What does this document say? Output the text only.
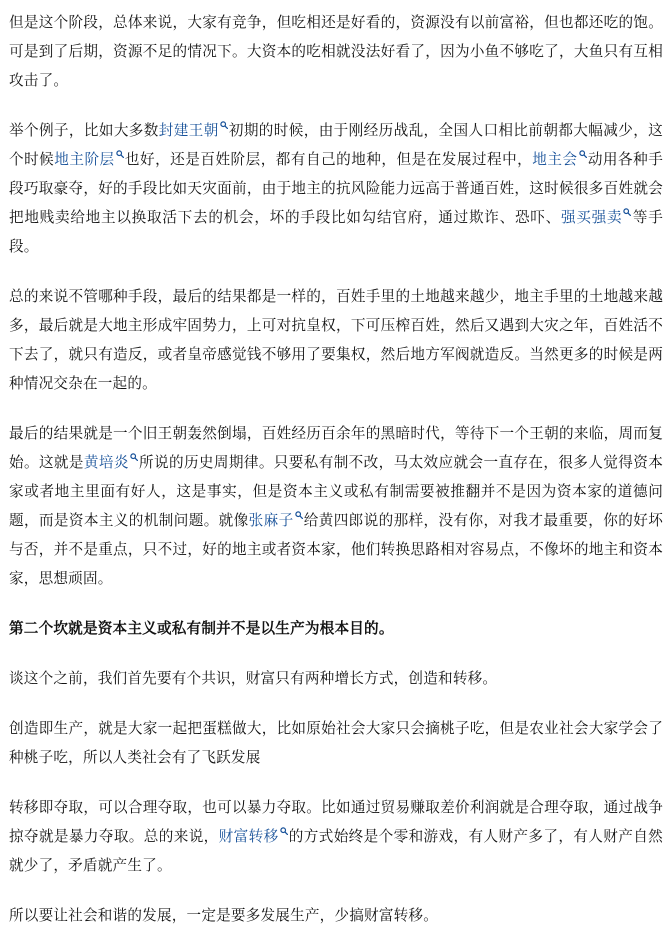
但是这个阶段，总体来说，大家有竞争，但吃相还是好看的，资源没有以前富裕，但也都还吃的饱。可是到了后期，资源不足的情况下。大资本的吃相就没法好看了，因为小鱼不够吃了，大鱼只有互相攻击了。

举个例子，比如大多数封建王朝 初期的时候，由于刚经历战乱，全国人口相比前朝都大幅减少，这个时候地主阶层 也好，还是百姓阶层，都有自己的地种，但是在发展过程中，地主会 动用各种手段巧取豪夺，好的手段比如天灾面前，由于地主的抗风险能力远高于普通百姓，这时候很多百姓就会把地贱卖给地主以换取活下去的机会，坏的手段比如勾结官府，通过欺诈、恐吓、强买强卖 等手段。

总的来说不管哪种手段，最后的结果都是一样的，百姓手里的土地越来越少，地主手里的土地越来越多，最后就是大地主形成牢固势力，上可对抗皇权，下可压榨百姓，然后又遇到大灾之年，百姓活不下去了，就只有造反，或者皇帝感觉钱不够用了要集权，然后地方军阀就造反。当然更多的时候是两种情况交杂在一起的。

最后的结果就是一个旧王朝轰然倒塌，百姓经历百余年的黑暗时代，等待下一个王朝的来临，周而复始。这就是黄培炎 所说的历史周期律。只要私有制不改，马太效应就会一直存在，很多人觉得资本家或者地主里面有好人，这是事实，但是资本主义或私有制需要被推翻并不是因为资本家的道德问题，而是资本主义的机制问题。就像张麻子 给黄四郎说的那样，没有你，对我才最重要，你的好坏与否，并不是重点，只不过，好的地主或者资本家，他们转换思路相对容易点，不像坏的地主和资本家，思想顽固。

第二个坎就是资本主义或私有制并不是以生产为根本目的。

谈这个之前，我们首先要有个共识，财富只有两种增长方式，创造和转移。

创造即生产，就是大家一起把蛋糕做大，比如原始社会大家只会摘桃子吃，但是农业社会大家学会了种桃子吃，所以人类社会有了飞跃发展

转移即夺取，可以合理夺取，也可以暴力夺取。比如通过贸易赚取差价利润就是合理夺取，通过战争掠夺就是暴力夺取。总的来说，财富转移 的方式始终是个零和游戏，有人财产多了，有人财产自然就少了，矛盾就产生了。

所以要让社会和谐的发展，一定是要多发展生产，少搞财富转移。
